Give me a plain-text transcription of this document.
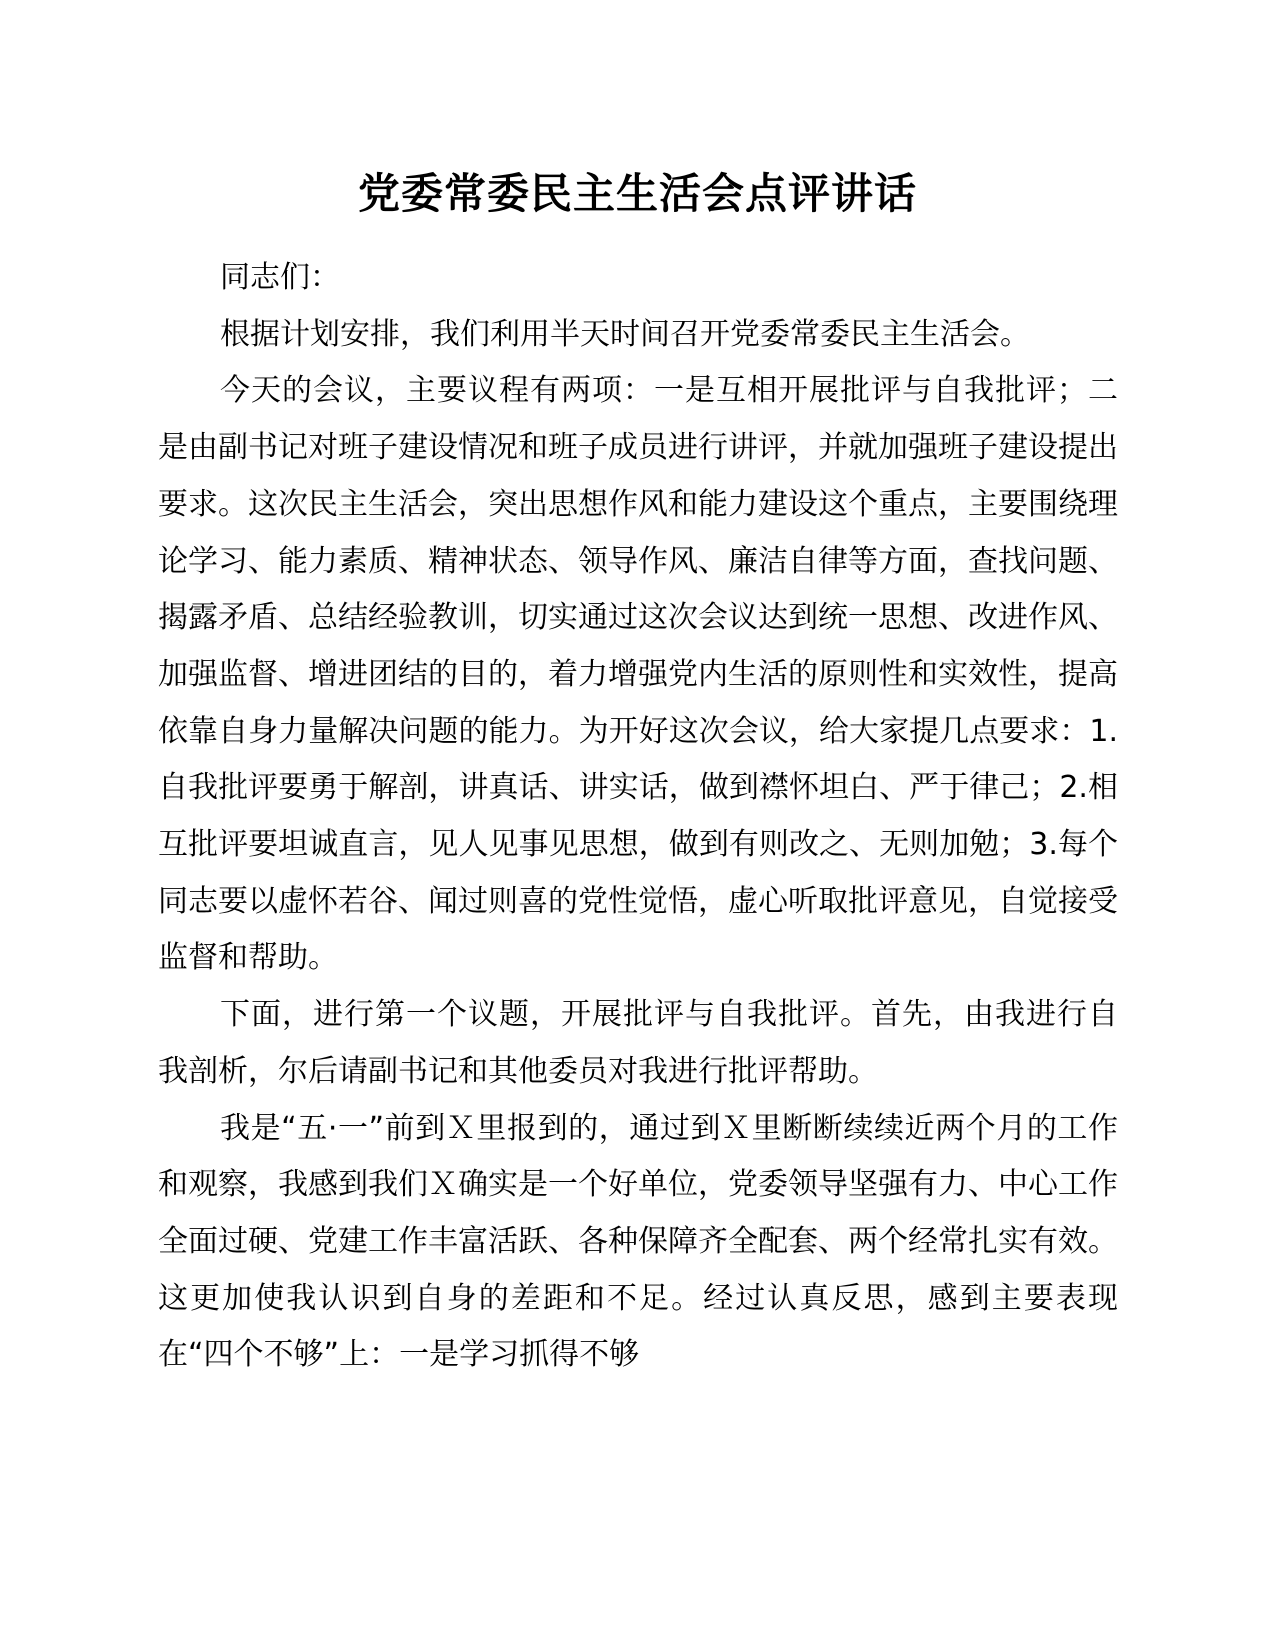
党委常委民主生活会点评讲话

同志们：

根据计划安排，我们利用半天时间召开党委常委民主生活会。

今天的会议，主要议程有两项：一是互相开展批评与自我批评；二是由副书记对班子建设情况和班子成员进行讲评，并就加强班子建设提出要求。这次民主生活会，突出思想作风和能力建设这个重点，主要围绕理论学习、能力素质、精神状态、领导作风、廉洁自律等方面，查找问题、揭露矛盾、总结经验教训，切实通过这次会议达到统一思想、改进作风、加强监督、增进团结的目的，着力增强党内生活的原则性和实效性，提高依靠自身力量解决问题的能力。为开好这次会议，给大家提几点要求：1.自我批评要勇于解剖，讲真话、讲实话，做到襟怀坦白、严于律己；2.相互批评要坦诚直言，见人见事见思想，做到有则改之、无则加勉；3.每个同志要以虚怀若谷、闻过则喜的党性觉悟，虚心听取批评意见，自觉接受监督和帮助。

下面，进行第一个议题，开展批评与自我批评。首先，由我进行自我剖析，尔后请副书记和其他委员对我进行批评帮助。

我是“五·一”前到Ｘ里报到的，通过到Ｘ里断断续续近两个月的工作和观察，我感到我们Ｘ确实是一个好单位，党委领导坚强有力、中心工作全面过硬、党建工作丰富活跃、各种保障齐全配套、两个经常扎实有效。这更加使我认识到自身的差距和不足。经过认真反思，感到主要表现在“四个不够”上：一是学习抓得不够
